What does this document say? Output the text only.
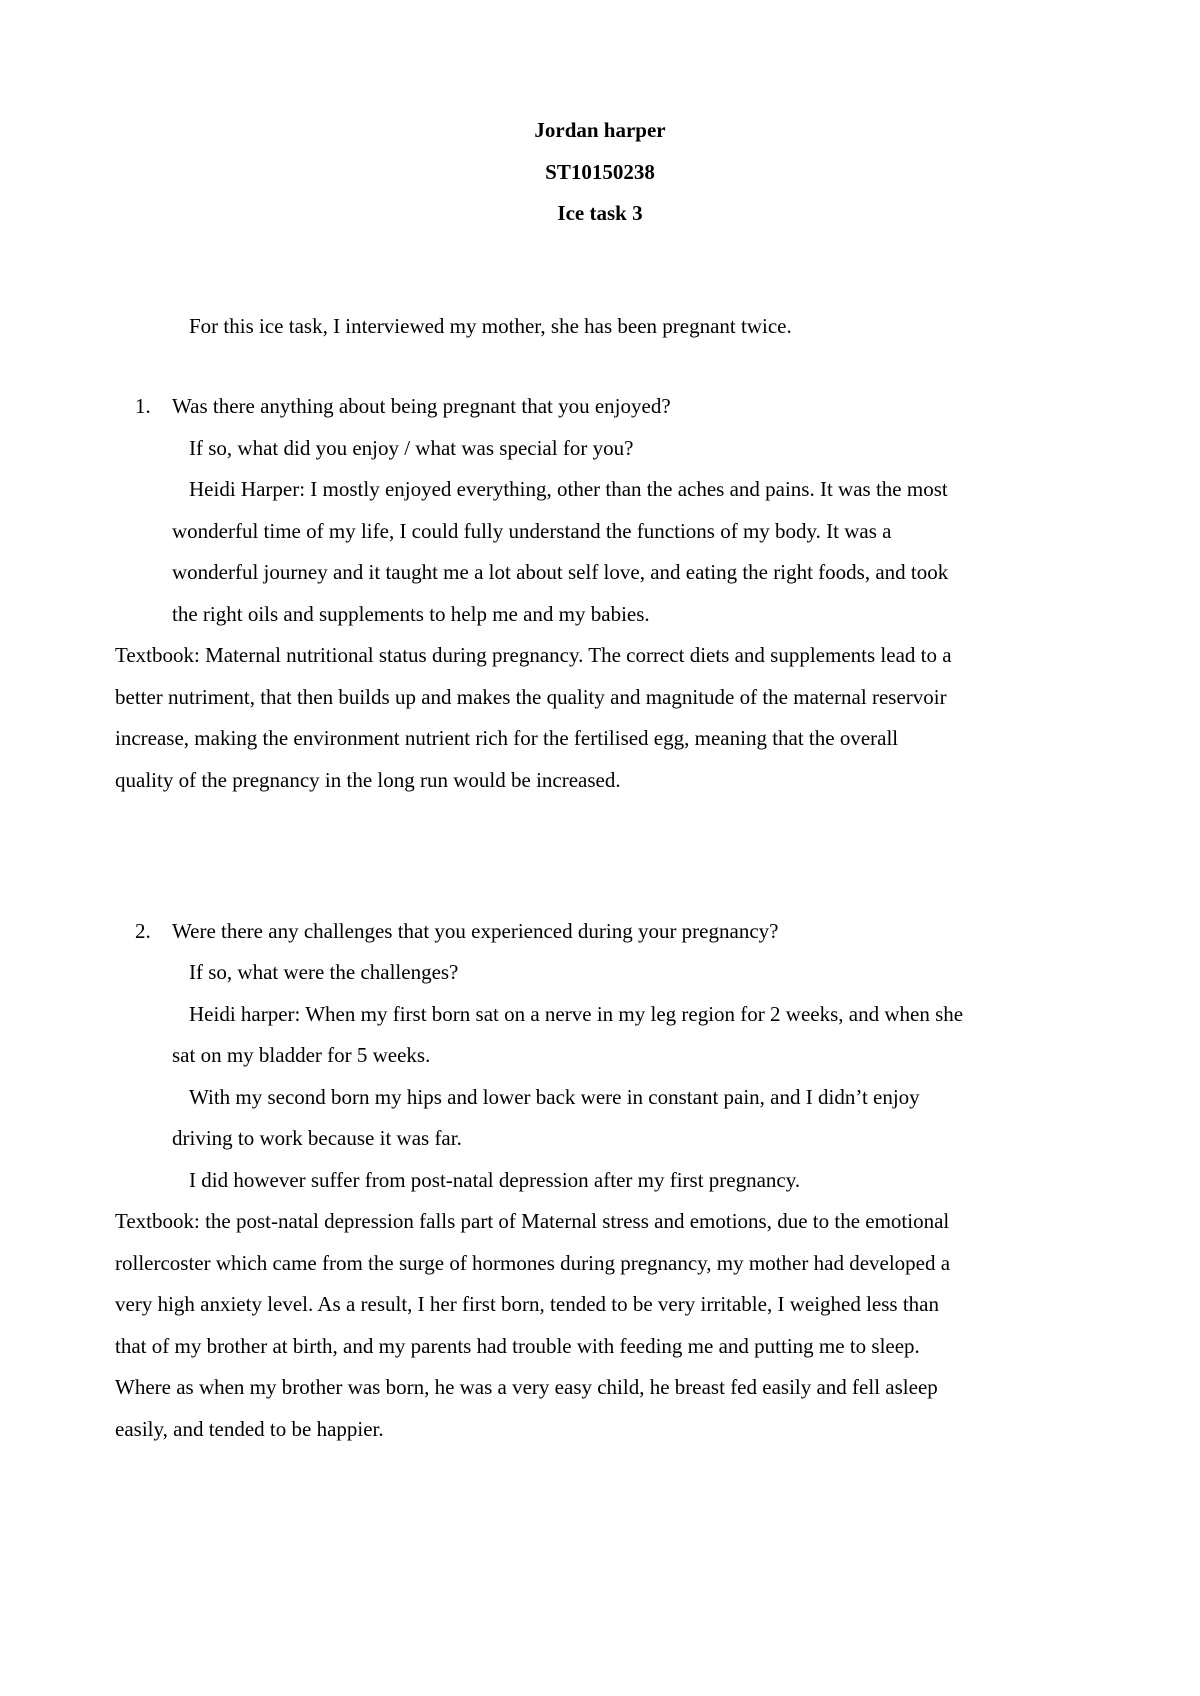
Jordan harper
ST10150238
Ice task 3
For this ice task, I interviewed my mother, she has been pregnant twice.
1. Was there anything about being pregnant that you enjoyed?
If so, what did you enjoy / what was special for you?
Heidi Harper: I mostly enjoyed everything, other than the aches and pains. It was the most
wonderful time of my life, I could fully understand the functions of my body. It was a
wonderful journey and it taught me a lot about self love, and eating the right foods, and took
the right oils and supplements to help me and my babies.
Textbook: Maternal nutritional status during pregnancy. The correct diets and supplements lead to a
better nutriment, that then builds up and makes the quality and magnitude of the maternal reservoir
increase, making the environment nutrient rich for the fertilised egg, meaning that the overall
quality of the pregnancy in the long run would be increased.
2. Were there any challenges that you experienced during your pregnancy?
If so, what were the challenges?
Heidi harper: When my first born sat on a nerve in my leg region for 2 weeks, and when she
sat on my bladder for 5 weeks.
With my second born my hips and lower back were in constant pain, and I didn’t enjoy
driving to work because it was far.
I did however suffer from post-natal depression after my first pregnancy.
Textbook: the post-natal depression falls part of Maternal stress and emotions, due to the emotional
rollercoster which came from the surge of hormones during pregnancy, my mother had developed a
very high anxiety level. As a result, I her first born, tended to be very irritable, I weighed less than
that of my brother at birth, and my parents had trouble with feeding me and putting me to sleep.
Where as when my brother was born, he was a very easy child, he breast fed easily and fell asleep
easily, and tended to be happier.
